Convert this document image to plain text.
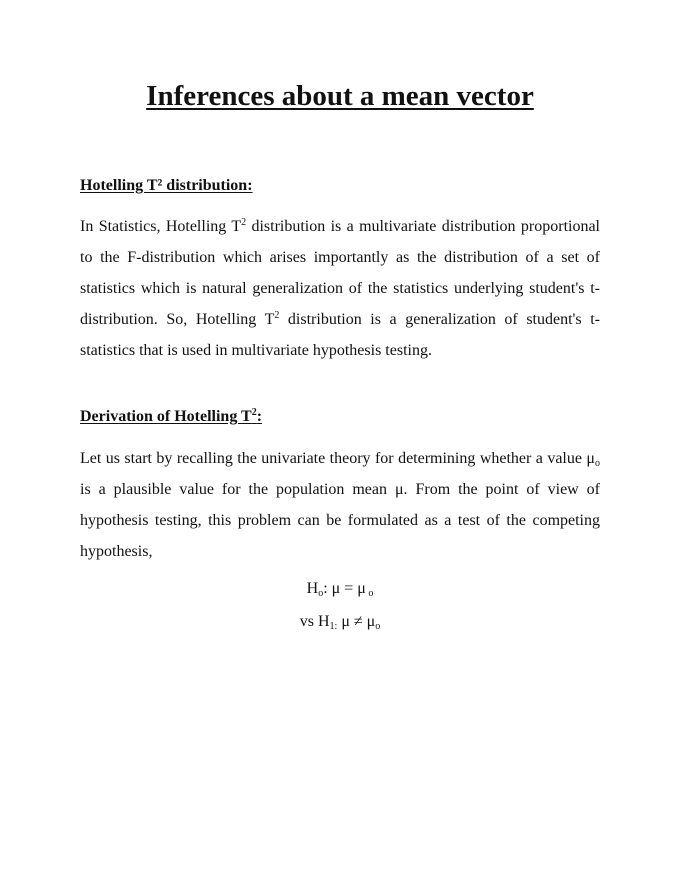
Inferences about a mean vector
Hotelling T² distribution:

In Statistics, Hotelling $T^2$ distribution is a multivariate distribution proportional to the F-distribution which arises importantly as the distribution of a set of statistics which is natural generalization of the statistics underlying student's t-distribution. So, Hotelling $T^2$ distribution is a generalization of student's t-statistics that is used in multivariate hypothesis testing.

Derivation of Hotelling $T^2$:

Let us start by recalling the univariate theory for determining whether a value $\mu_o$ is a plausible value for the population mean μ. From the point of view of hypothesis testing, this problem can be formulated as a test of the competing hypothesis,

$H_o$: μ = μ $_o$

vs $H_{1:}$ $\mu \ne \mu_o$
